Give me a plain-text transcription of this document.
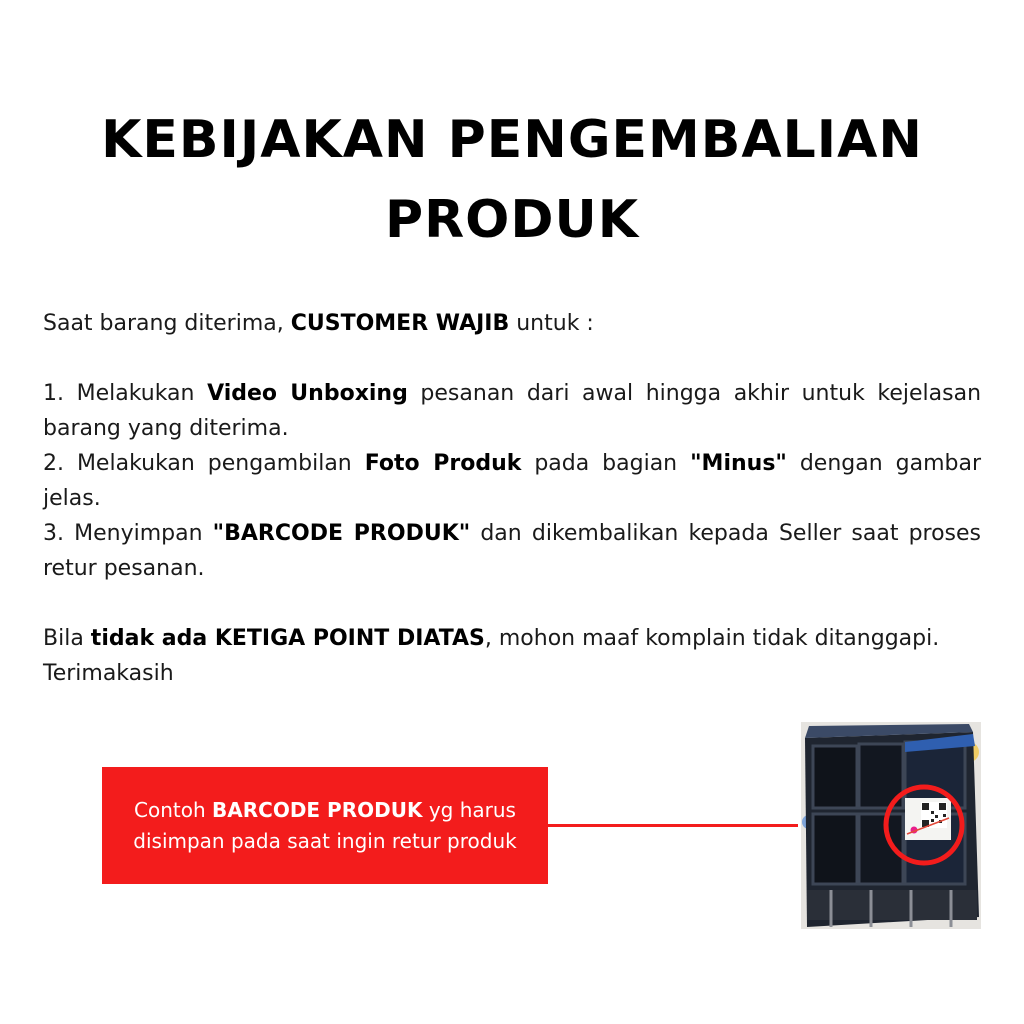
KEBIJAKAN PENGEMBALIAN
PRODUK

Saat barang diterima, CUSTOMER WAJIB untuk :

1. Melakukan Video Unboxing pesanan dari awal hingga akhir untuk kejelasan barang yang diterima.

2. Melakukan pengambilan Foto Produk pada bagian "Minus" dengan gambar jelas.

3. Menyimpan "BARCODE PRODUK" dan dikembalikan kepada Seller saat proses retur pesanan.

Bila tidak ada KETIGA POINT DIATAS, mohon maaf komplain tidak ditanggapi.

Terimakasih

Contoh BARCODE PRODUK yg harus
disimpan pada saat ingin retur produk
